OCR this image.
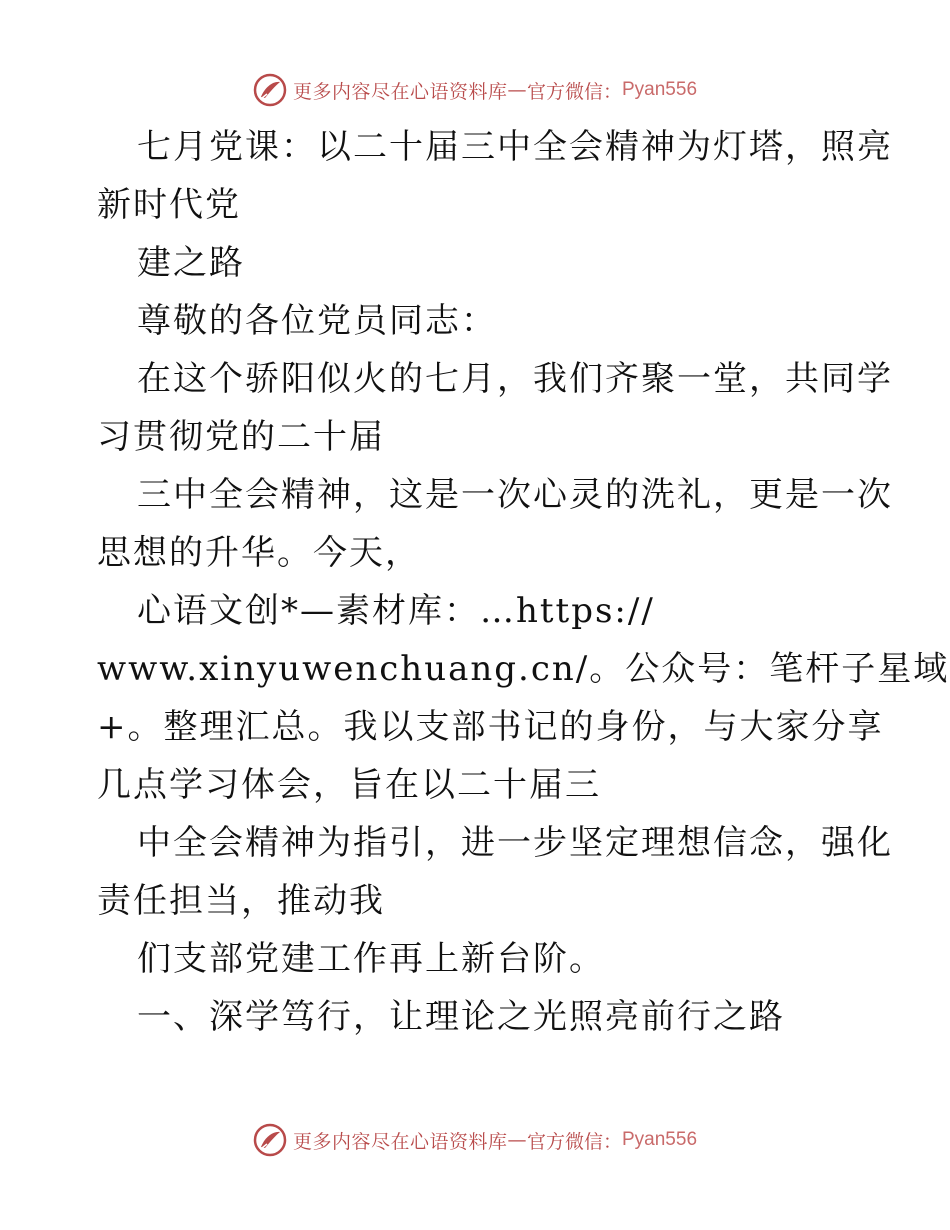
更多内容尽在心语资料库 — 官方微信： Pyan556
七月党课：以二十届三中全会精神为灯塔，照亮
新时代党
建之路
尊敬的各位党员同志：
在这个骄阳似火的七月，我们齐聚一堂，共同学
习贯彻党的二十届
三中全会精神，这是一次心灵的洗礼，更是一次
思想的升华。今天，
心语文创*—素材库：…https://
www.xinyuwenchuang.cn/。公众号：笔杆子星域
+。整理汇总。我以支部书记的身份，与大家分享
几点学习体会，旨在以二十届三
中全会精神为指引，进一步坚定理想信念，强化
责任担当，推动我
们支部党建工作再上新台阶。
一、深学笃行，让理论之光照亮前行之路
更多内容尽在心语资料库 — 官方微信： Pyan556
